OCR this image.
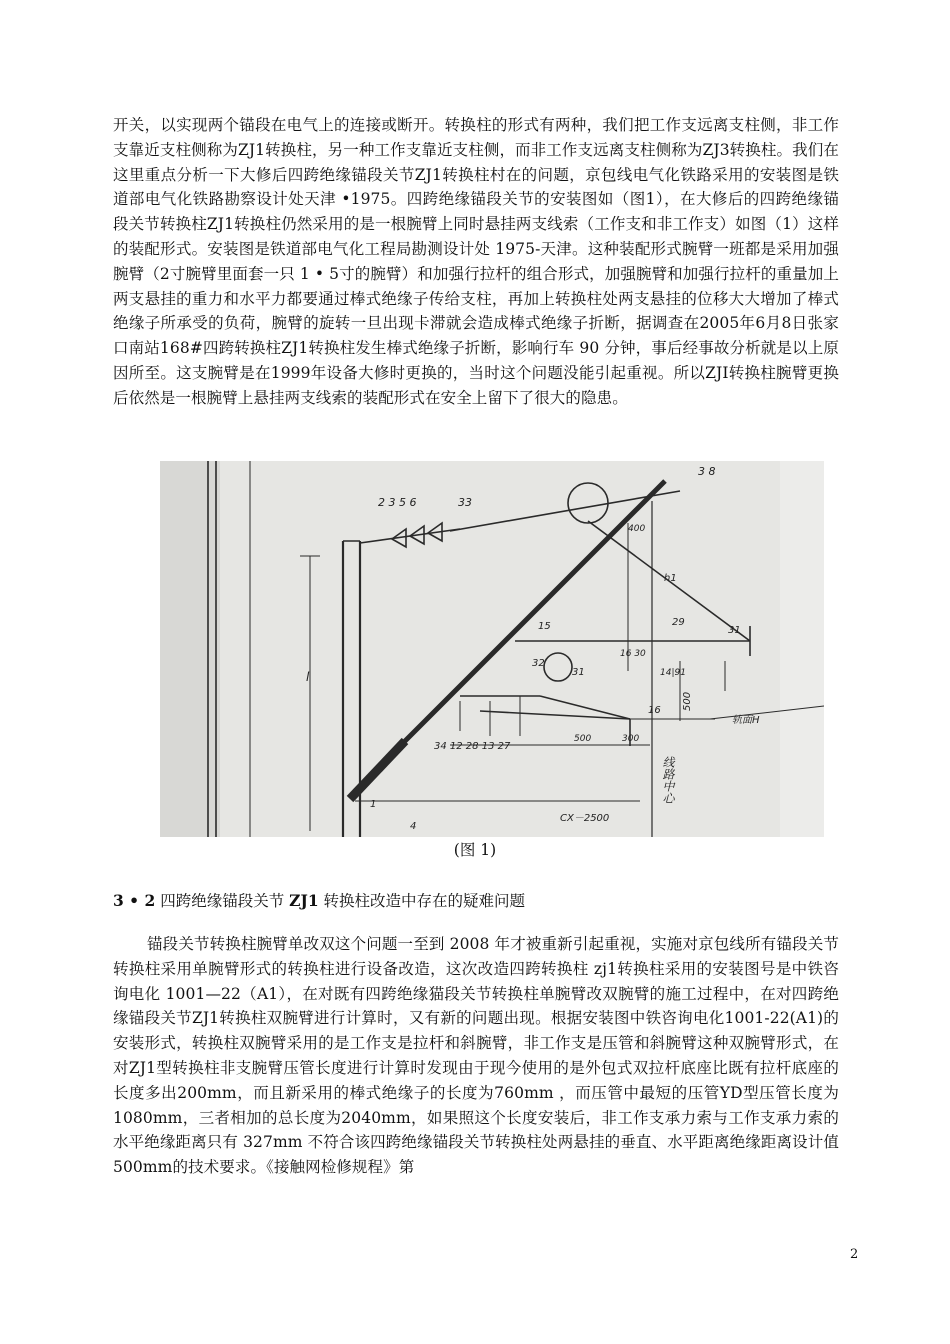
开关，以实现两个锚段在电气上的连接或断开。转换柱的形式有两种，我们把工作支远离支柱侧，非工作支靠近支柱侧称为ZJ1转换柱，另一种工作支靠近支柱侧，而非工作支远离支柱侧称为ZJ3转换柱。我们在这里重点分析一下大修后四跨绝缘锚段关节ZJ1转换柱村在的问题，京包线电气化铁路采用的安装图是铁道部电气化铁路勘察设计处天津 •1975。四跨绝缘锚段关节的安装图如（图1），在大修后的四跨绝缘锚段关节转换柱ZJ1转换柱仍然采用的是一根腕臂上同时悬挂两支线索（工作支和非工作支）如图（1）这样的装配形式。安装图是铁道部电气化工程局勘测设计处 1975-天津。这种装配形式腕臂一班都是采用加强腕臂（2寸腕臂里面套一只 1 • 5寸的腕臂）和加强行拉杆的组合形式，加强腕臂和加强行拉杆的重量加上两支悬挂的重力和水平力都要通过棒式绝缘子传给支柱，再加上转换柱处两支悬挂的位移大大增加了棒式绝缘子所承受的负荷，腕臂的旋转一旦出现卡滞就会造成棒式绝缘子折断，据调查在2005年6月8日张家口南站168#四跨转换柱ZJ1转换柱发生棒式绝缘子折断，影响行车 90 分钟，事后经事故分析就是以上原因所至。这支腕臂是在1999年设备大修时更换的，当时这个问题没能引起重视。所以ZJI转换柱腕臂更换后依然是一根腕臂上悬挂两支线索的装配形式在安全上留下了很大的隐患。

2 3 5 6	33
3 8
400
h1
15	29
31
32
31
16 30
14|91
16 500
轨面H
500	300
线路中心
34 12 28 13 27
1
4
CX－2500
l
(图 1)
3 • 2 四跨绝缘锚段关节 ZJ1 转换柱改造中存在的疑难问题

锚段关节转换柱腕臂单改双这个问题一至到 2008 年才被重新引起重视，实施对京包线所有锚段关节转换柱采用单腕臂形式的转换柱进行设备改造，这次改造四跨转换柱 zj1转换柱采用的安装图号是中铁咨询电化 1001—22（A1），在对既有四跨绝缘猫段关节转换柱单腕臂改双腕臂的施工过程中，在对四跨绝缘锚段关节ZJ1转换柱双腕臂进行计算时，又有新的问题出现。根据安装图中铁咨询电化1001-22(A1)的安装形式，转换柱双腕臂采用的是工作支是拉杆和斜腕臂，非工作支是压管和斜腕臂这种双腕臂形式，在对ZJ1型转换柱非支腕臂压管长度进行计算时发现由于现今使用的是外包式双拉杆底座比既有拉杆底座的长度多出200mm，而且新采用的棒式绝缘子的长度为760mm ，而压管中最短的压管YD型压管长度为1080mm，三者相加的总长度为2040mm，如果照这个长度安装后，非工作支承力索与工作支承力索的水平绝缘距离只有 327mm 不符合该四跨绝缘锚段关节转换柱处两悬挂的垂直、水平距离绝缘距离设计值500mm的技术要求。《接触网检修规程》第

2
